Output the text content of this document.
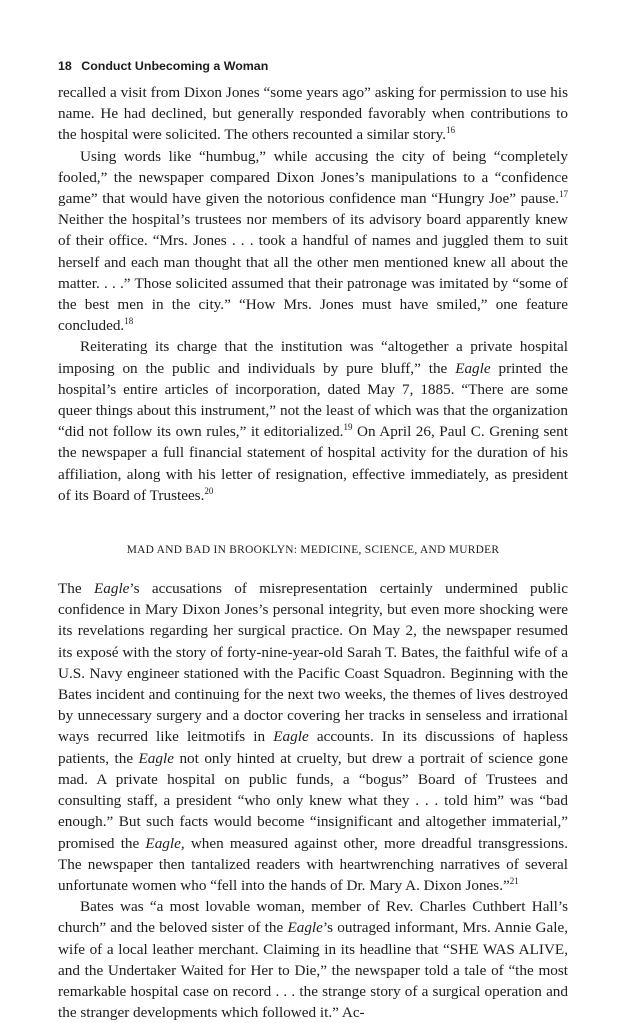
18 Conduct Unbecoming a Woman

recalled a visit from Dixon Jones “some years ago” asking for permission to use his name. He had declined, but generally responded favorably when contributions to the hospital were solicited. The others recounted a similar story.$^{16}$

Using words like “humbug,” while accusing the city of being “completely fooled,” the newspaper compared Dixon Jones’s manipulations to a “confidence game” that would have given the notorious confidence man “Hungry Joe” pause.$^{17}$ Neither the hospital’s trustees nor members of its advisory board apparently knew of their office. “Mrs. Jones . . . took a handful of names and juggled them to suit herself and each man thought that all the other men mentioned knew all about the matter. . . .” Those solicited assumed that their patronage was imitated by “some of the best men in the city.” “How Mrs. Jones must have smiled,” one feature concluded.$^{18}$

Reiterating its charge that the institution was “altogether a private hospital imposing on the public and individuals by pure bluff,” the Eagle printed the hospital’s entire articles of incorporation, dated May 7, 1885. “There are some queer things about this instrument,” not the least of which was that the organization “did not follow its own rules,” it editorialized.$^{19}$ On April 26, Paul C. Grening sent the newspaper a full financial statement of hospital activity for the duration of his affiliation, along with his letter of resignation, effective immediately, as president of its Board of Trustees.$^{20}$

MAD AND BAD IN BROOKLYN: MEDICINE, SCIENCE, AND MURDER

The Eagle’s accusations of misrepresentation certainly undermined public confidence in Mary Dixon Jones’s personal integrity, but even more shocking were its revelations regarding her surgical practice. On May 2, the newspaper resumed its exposé with the story of forty-nine-year-old Sarah T. Bates, the faithful wife of a U.S. Navy engineer stationed with the Pacific Coast Squadron. Beginning with the Bates incident and continuing for the next two weeks, the themes of lives destroyed by unnecessary surgery and a doctor covering her tracks in senseless and irrational ways recurred like leitmotifs in Eagle accounts. In its discussions of hapless patients, the Eagle not only hinted at cruelty, but drew a portrait of science gone mad. A private hospital on public funds, a “bogus” Board of Trustees and consulting staff, a president “who only knew what they . . . told him” was “bad enough.” But such facts would become “insignificant and altogether immaterial,” promised the Eagle, when measured against other, more dreadful transgressions. The newspaper then tantalized readers with heartwrenching narratives of several unfortunate women who “fell into the hands of Dr. Mary A. Dixon Jones.”$^{21}$

Bates was “a most lovable woman, member of Rev. Charles Cuthbert Hall’s church” and the beloved sister of the Eagle’s outraged informant, Mrs. Annie Gale, wife of a local leather merchant. Claiming in its headline that “SHE WAS ALIVE, and the Undertaker Waited for Her to Die,” the newspaper told a tale of “the most remarkable hospital case on record . . . the strange story of a surgical operation and the stranger developments which followed it.” Ac-
